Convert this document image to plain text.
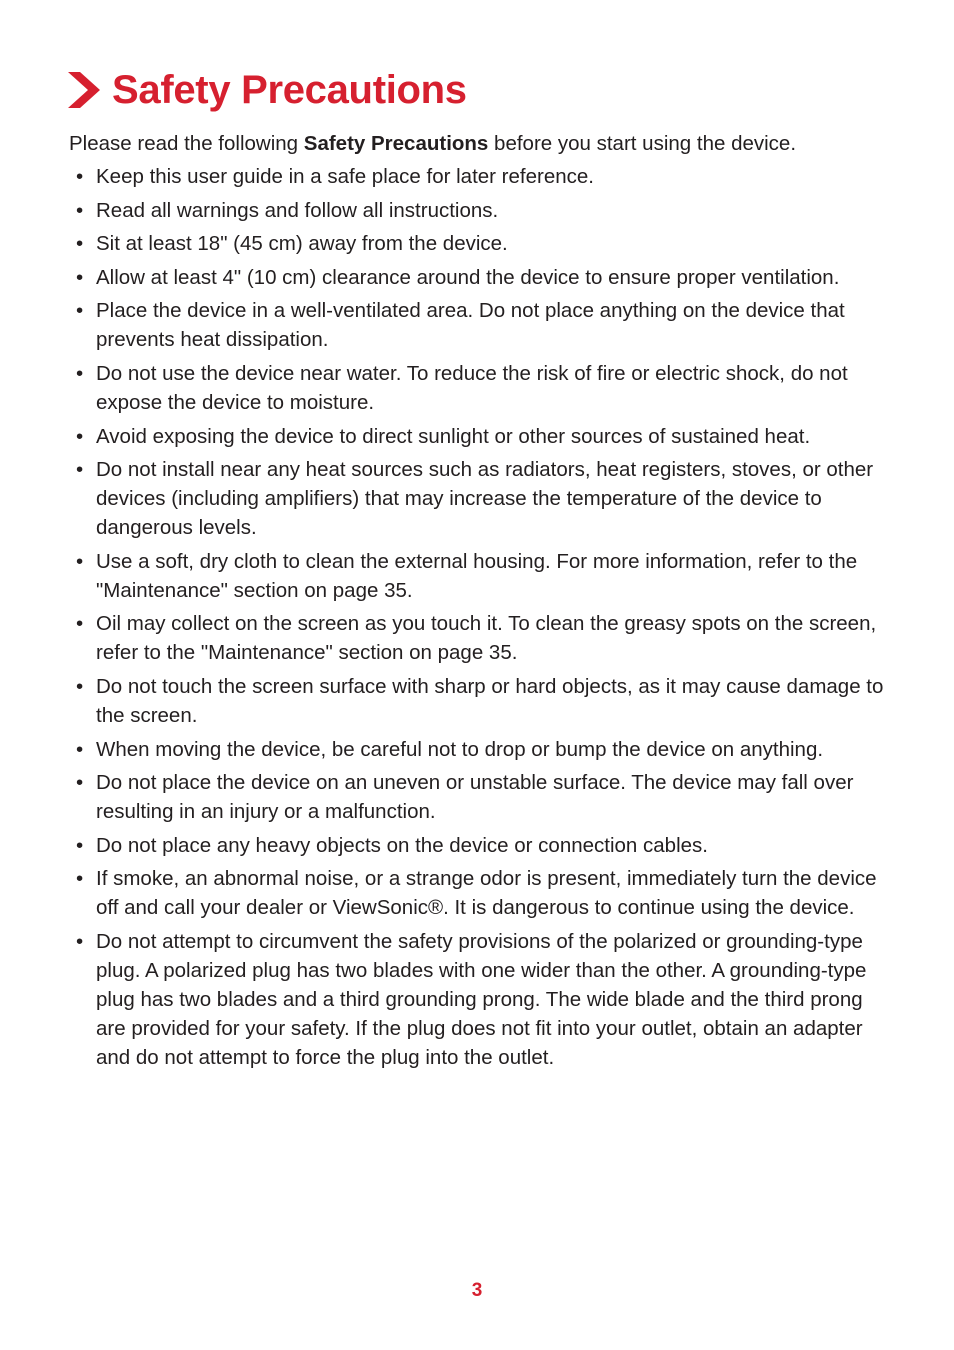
Safety Precautions

Please read the following Safety Precautions before you start using the device.

• Keep this user guide in a safe place for later reference.
• Read all warnings and follow all instructions.
• Sit at least 18" (45 cm) away from the device.
• Allow at least 4" (10 cm) clearance around the device to ensure proper ventilation.
• Place the device in a well-ventilated area. Do not place anything on the device that prevents heat dissipation.
• Do not use the device near water. To reduce the risk of fire or electric shock, do not expose the device to moisture.
• Avoid exposing the device to direct sunlight or other sources of sustained heat.
• Do not install near any heat sources such as radiators, heat registers, stoves, or other devices (including amplifiers) that may increase the temperature of the device to dangerous levels.
• Use a soft, dry cloth to clean the external housing. For more information, refer to the "Maintenance" section on page 35.
• Oil may collect on the screen as you touch it. To clean the greasy spots on the screen, refer to the "Maintenance" section on page 35.
• Do not touch the screen surface with sharp or hard objects, as it may cause damage to the screen.
• When moving the device, be careful not to drop or bump the device on anything.
• Do not place the device on an uneven or unstable surface. The device may fall over resulting in an injury or a malfunction.
• Do not place any heavy objects on the device or connection cables.
• If smoke, an abnormal noise, or a strange odor is present, immediately turn the device off and call your dealer or ViewSonic®. It is dangerous to continue using the device.
• Do not attempt to circumvent the safety provisions of the polarized or grounding-type plug. A polarized plug has two blades with one wider than the other. A grounding-type plug has two blades and a third grounding prong. The wide blade and the third prong are provided for your safety. If the plug does not fit into your outlet, obtain an adapter and do not attempt to force the plug into the outlet.
3
